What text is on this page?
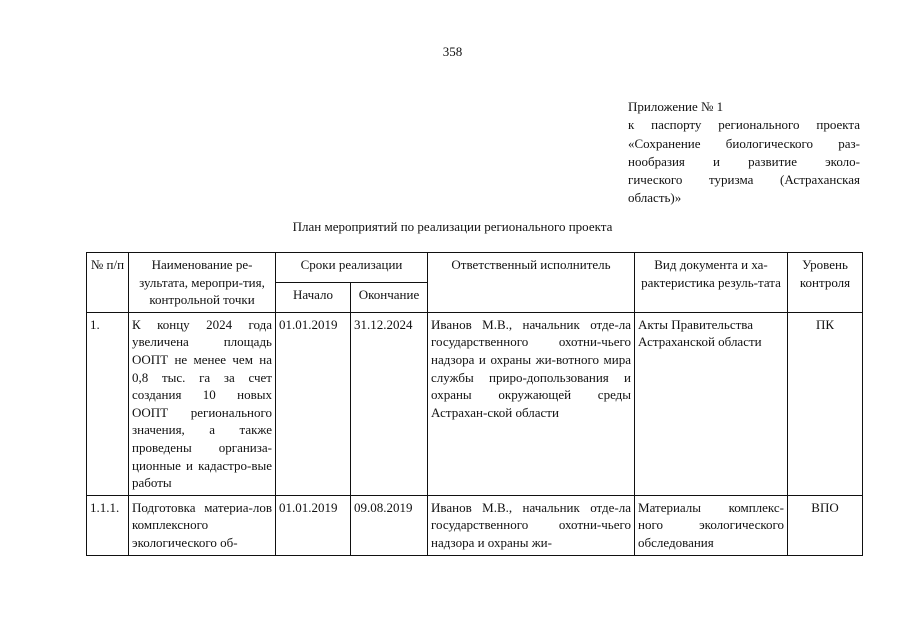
358
Приложение № 1
к паспорту регионального проекта
«Сохранение биологического раз-
нообразия и развитие эколо-
гического туризма (Астраханская
область)»
План мероприятий по реализации регионального проекта
№ п/п	Наименование ре-зультата, меропри-тия, контрольной точки	Сроки реализации		Ответственный исполнитель	Вид документа и ха-рактеристика резуль-тата	Уровень контроля
		Начало	Окончание			
1.	К концу 2024 года увеличена площадь ООПТ не менее чем на 0,8 тыс. га за счет создания 10 новых ООПТ регионального значения, а также проведены организа-ционные и кадастро-вые работы	01.01.2019	31.12.2024	Иванов М.В., начальник отде-ла государственного охотни-чьего надзора и охраны жи-вотного мира службы приро-допользования и охраны окружающей среды Астрахан-ской области	Акты Правительства Астраханской области	ПК
1.1.1.	Подготовка материа-лов комплексного экологического об-	01.01.2019	09.08.2019	Иванов М.В., начальник отде-ла государственного охотни-чьего надзора и охраны жи-	Материалы комплекс-ного экологического обследования	ВПО
